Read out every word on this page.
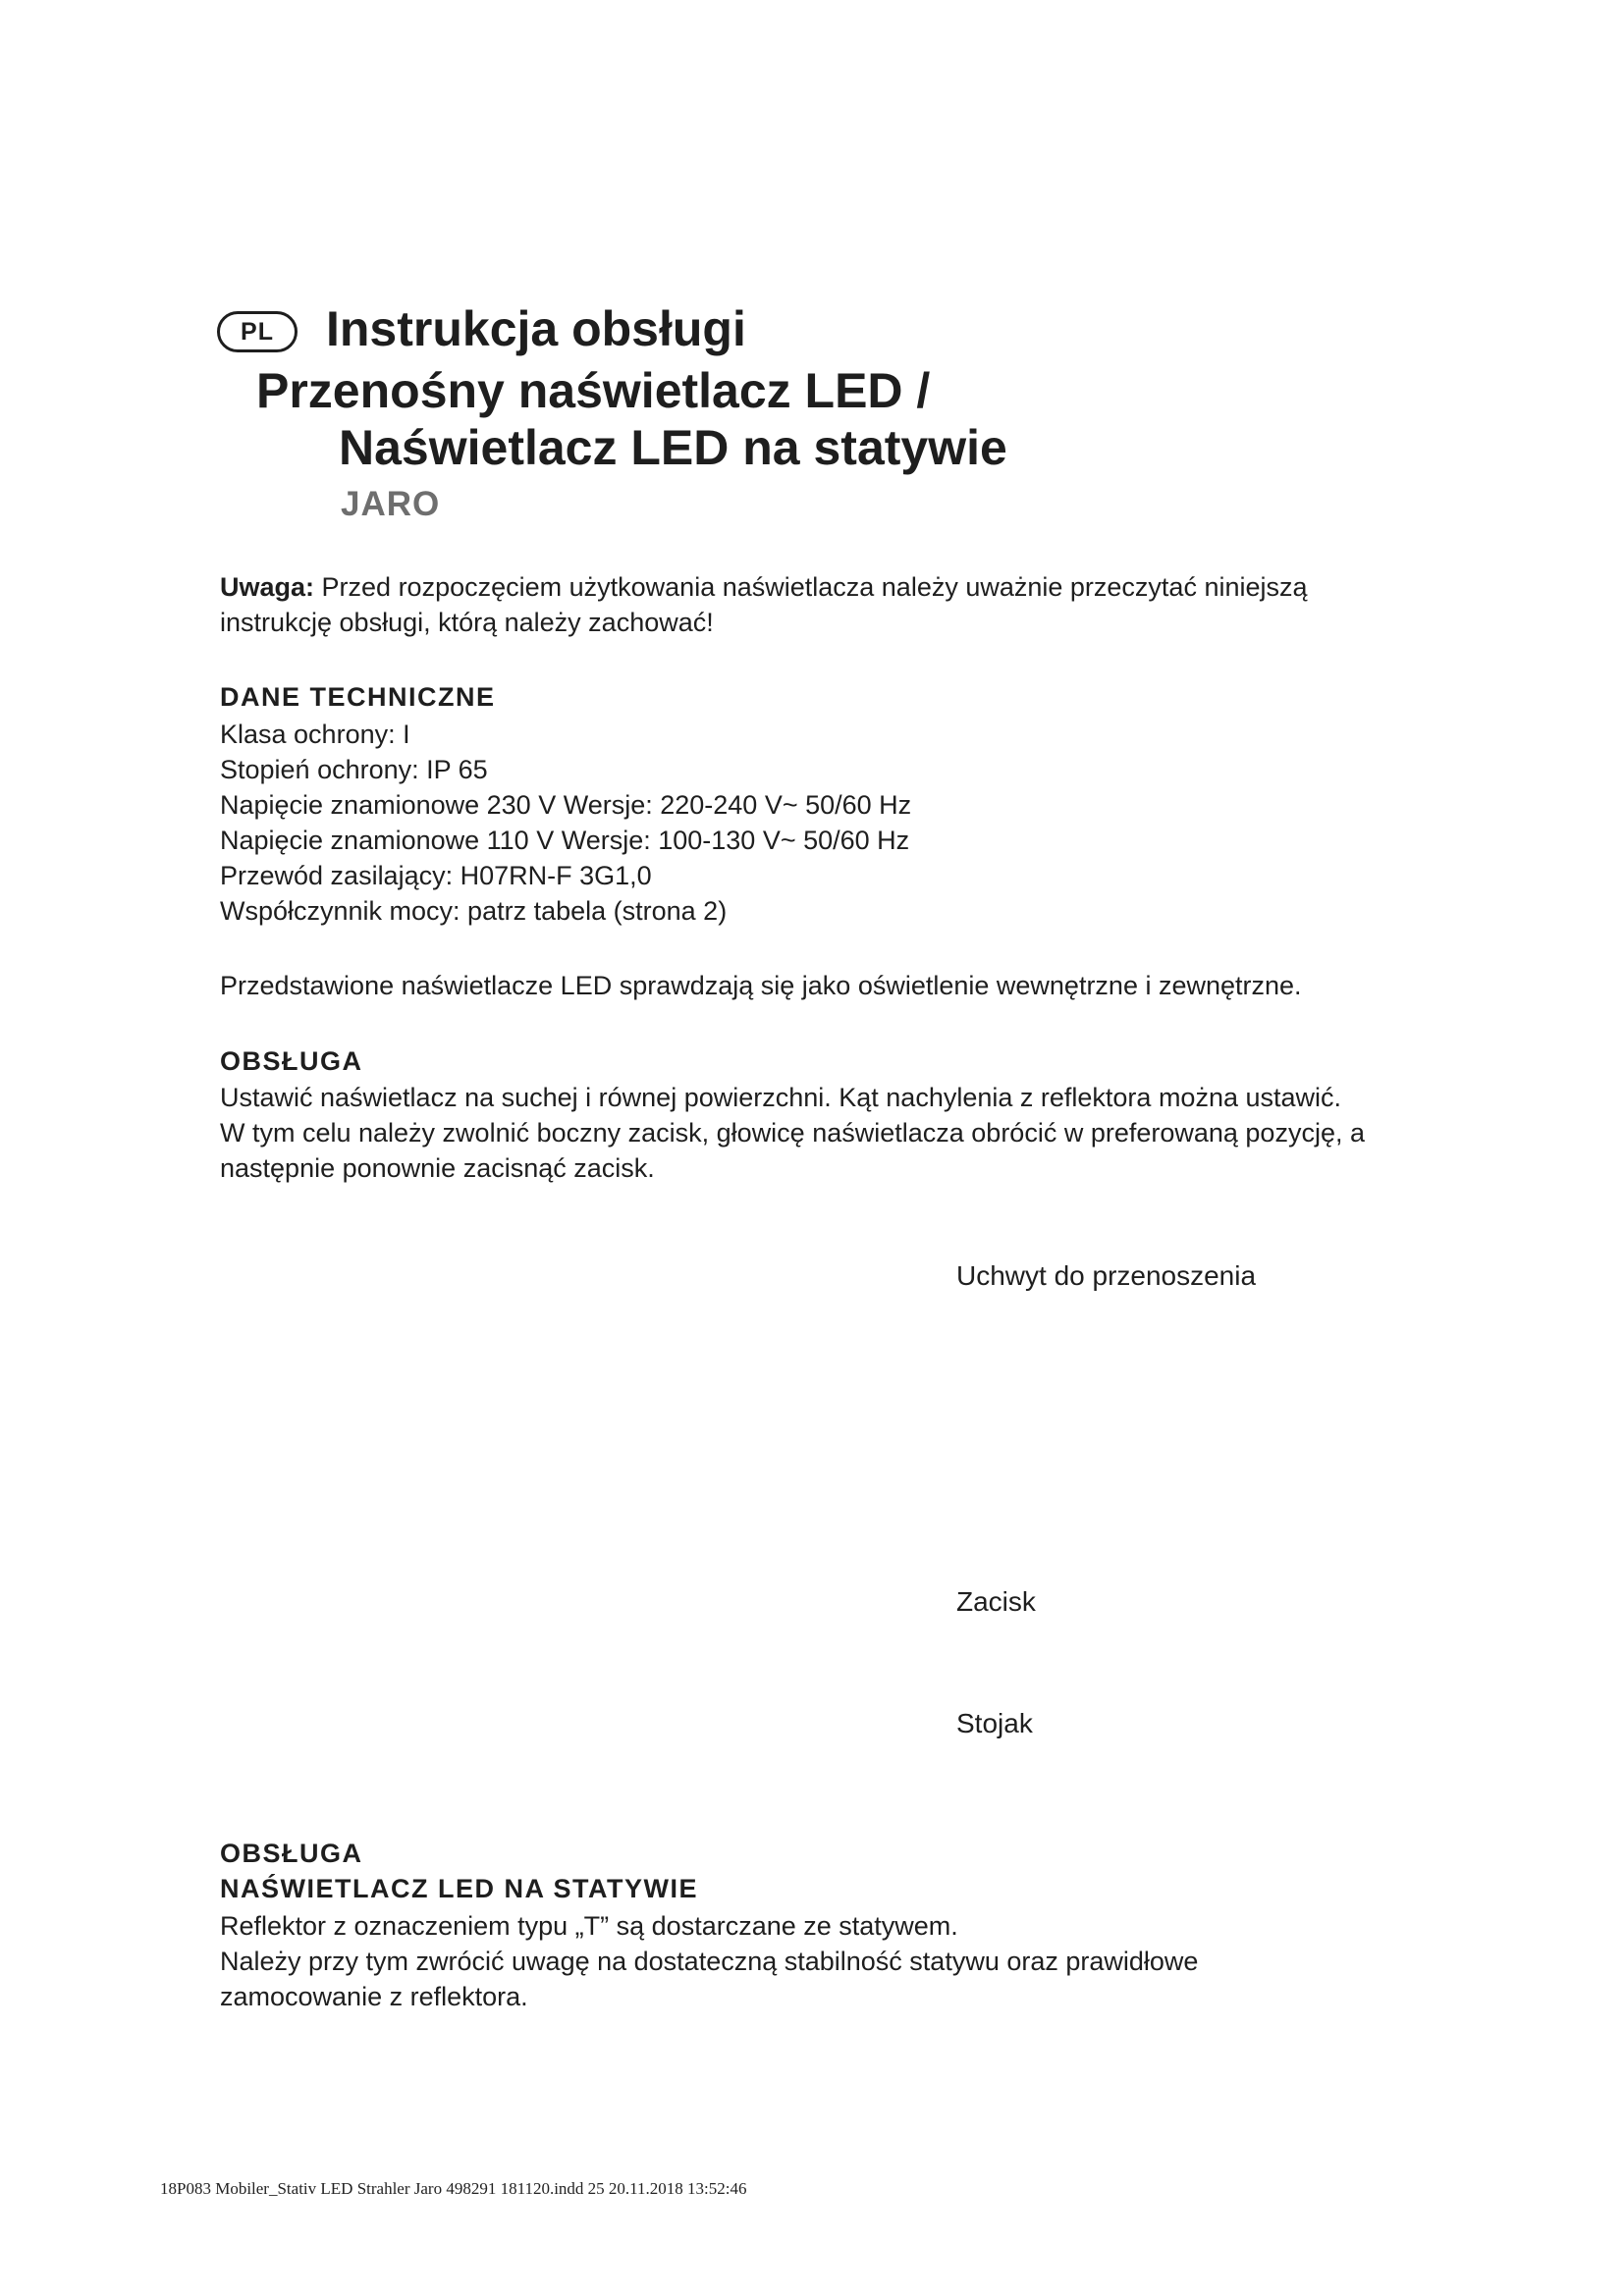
PL Instrukcja obsługi
Przenośny naświetlacz LED /
Naświetlacz LED na statywie
JARO
Uwaga: Przed rozpoczęciem użytkowania naświetlacza należy uważnie przeczytać niniejszą
instrukcję obsługi, którą należy zachować!
DANE TECHNICZNE
Klasa ochrony: I
Stopień ochrony: IP 65
Napięcie znamionowe 230 V Wersje: 220-240 V~ 50/60 Hz
Napięcie znamionowe 110 V Wersje: 100-130 V~ 50/60 Hz
Przewód zasilający: H07RN-F 3G1,0
Współczynnik mocy: patrz tabela (strona 2)
Przedstawione naświetlacze LED sprawdzają się jako oświetlenie wewnętrzne i zewnętrzne.
OBSŁUGA
Ustawić naświetlacz na suchej i równej powierzchni. Kąt nachylenia z reflektora można ustawić.
W tym celu należy zwolnić boczny zacisk, głowicę naświetlacza obrócić w preferowaną pozycję, a
następnie ponownie zacisnąć zacisk.
Uchwyt do przenoszenia
Zacisk
Stojak
OBSŁUGA
NAŚWIETLACZ LED NA STATYWIE
Reflektor z oznaczeniem typu „T” są dostarczane ze statywem.
Należy przy tym zwrócić uwagę na dostateczną stabilność statywu oraz prawidłowe
zamocowanie z reflektora.
18P083 Mobiler_Stativ LED Strahler Jaro 498291 181120.indd 25 20.11.2018 13:52:46
